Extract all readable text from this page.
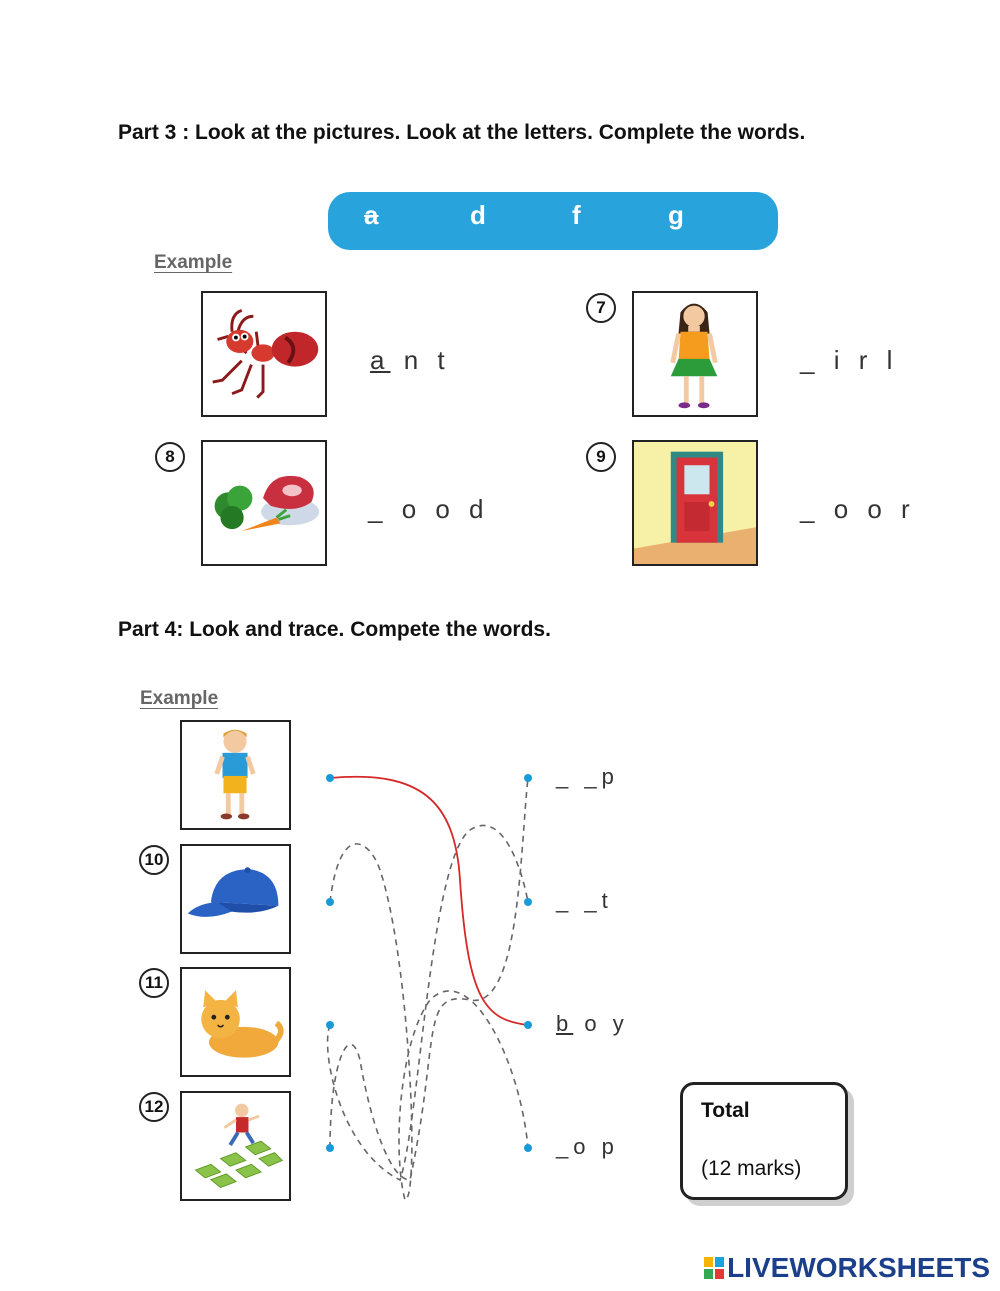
Part 3 : Look at the pictures. Look at the letters. Complete the words.
a	d	f	g
Example
a n t
7
_ i r l
8
_ o o d
9
_ o o r
Part 4: Look and trace. Compete the words.
Example
10
11
12
_ _p
_ _t
b o y
_o p
Total
(12 marks)
LIVEWORKSHEETS
